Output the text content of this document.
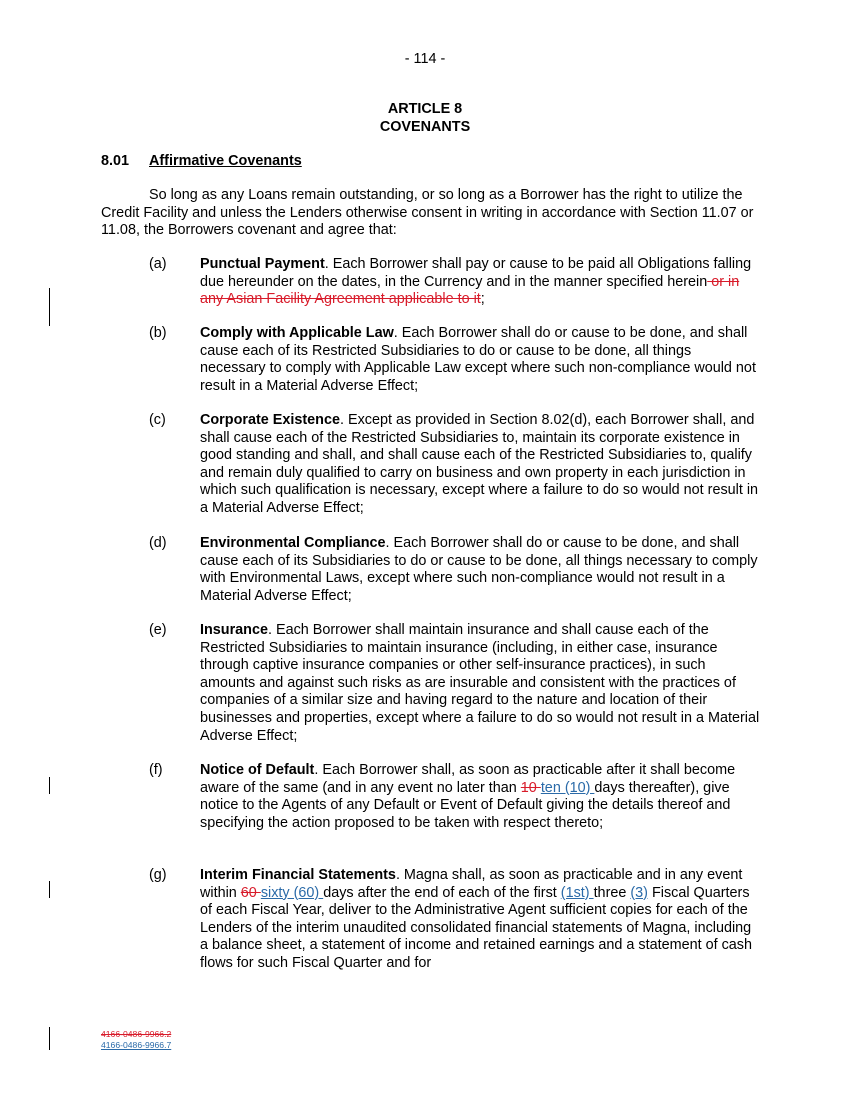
- 114 -
ARTICLE 8
COVENANTS
8.01 Affirmative Covenants

So long as any Loans remain outstanding, or so long as a Borrower has the right to utilize the Credit Facility and unless the Lenders otherwise consent in writing in accordance with Section 11.07 or 11.08, the Borrowers covenant and agree that:

(a) Punctual Payment. Each Borrower shall pay or cause to be paid all Obligations falling due hereunder on the dates, in the Currency and in the manner specified herein or in any Asian Facility Agreement applicable to it;
(b) Comply with Applicable Law. Each Borrower shall do or cause to be done, and shall cause each of its Restricted Subsidiaries to do or cause to be done, all things necessary to comply with Applicable Law except where such non-compliance would not result in a Material Adverse Effect;
(c) Corporate Existence. Except as provided in Section 8.02(d), each Borrower shall, and shall cause each of the Restricted Subsidiaries to, maintain its corporate existence in good standing and shall, and shall cause each of the Restricted Subsidiaries to, qualify and remain duly qualified to carry on business and own property in each jurisdiction in which such qualification is necessary, except where a failure to do so would not result in a Material Adverse Effect;
(d) Environmental Compliance. Each Borrower shall do or cause to be done, and shall cause each of its Subsidiaries to do or cause to be done, all things necessary to comply with Environmental Laws, except where such non-compliance would not result in a Material Adverse Effect;
(e) Insurance. Each Borrower shall maintain insurance and shall cause each of the Restricted Subsidiaries to maintain insurance (including, in either case, insurance through captive insurance companies or other self-insurance practices), in such amounts and against such risks as are insurable and consistent with the practices of companies of a similar size and having regard to the nature and location of their businesses and properties, except where a failure to do so would not result in a Material Adverse Effect;
(f)	Notice of Default. Each Borrower shall, as soon as practicable after it shall become aware of the same (and in any event no later than 10 ten (10) days thereafter), give notice to the Agents of any Default or Event of Default giving the details thereof and specifying the action proposed to be taken with respect thereto;
(g) Interim Financial Statements. Magna shall, as soon as practicable and in any event within 60 sixty (60) days after the end of each of the first (1st) three (3) Fiscal Quarters of each Fiscal Year, deliver to the Administrative Agent sufficient copies for each of the Lenders of the interim unaudited consolidated financial statements of Magna, including a balance sheet, a statement of income and retained earnings and a statement of cash flows for such Fiscal Quarter and for
4166-0486-9966.2
4166-0486-9966.7
